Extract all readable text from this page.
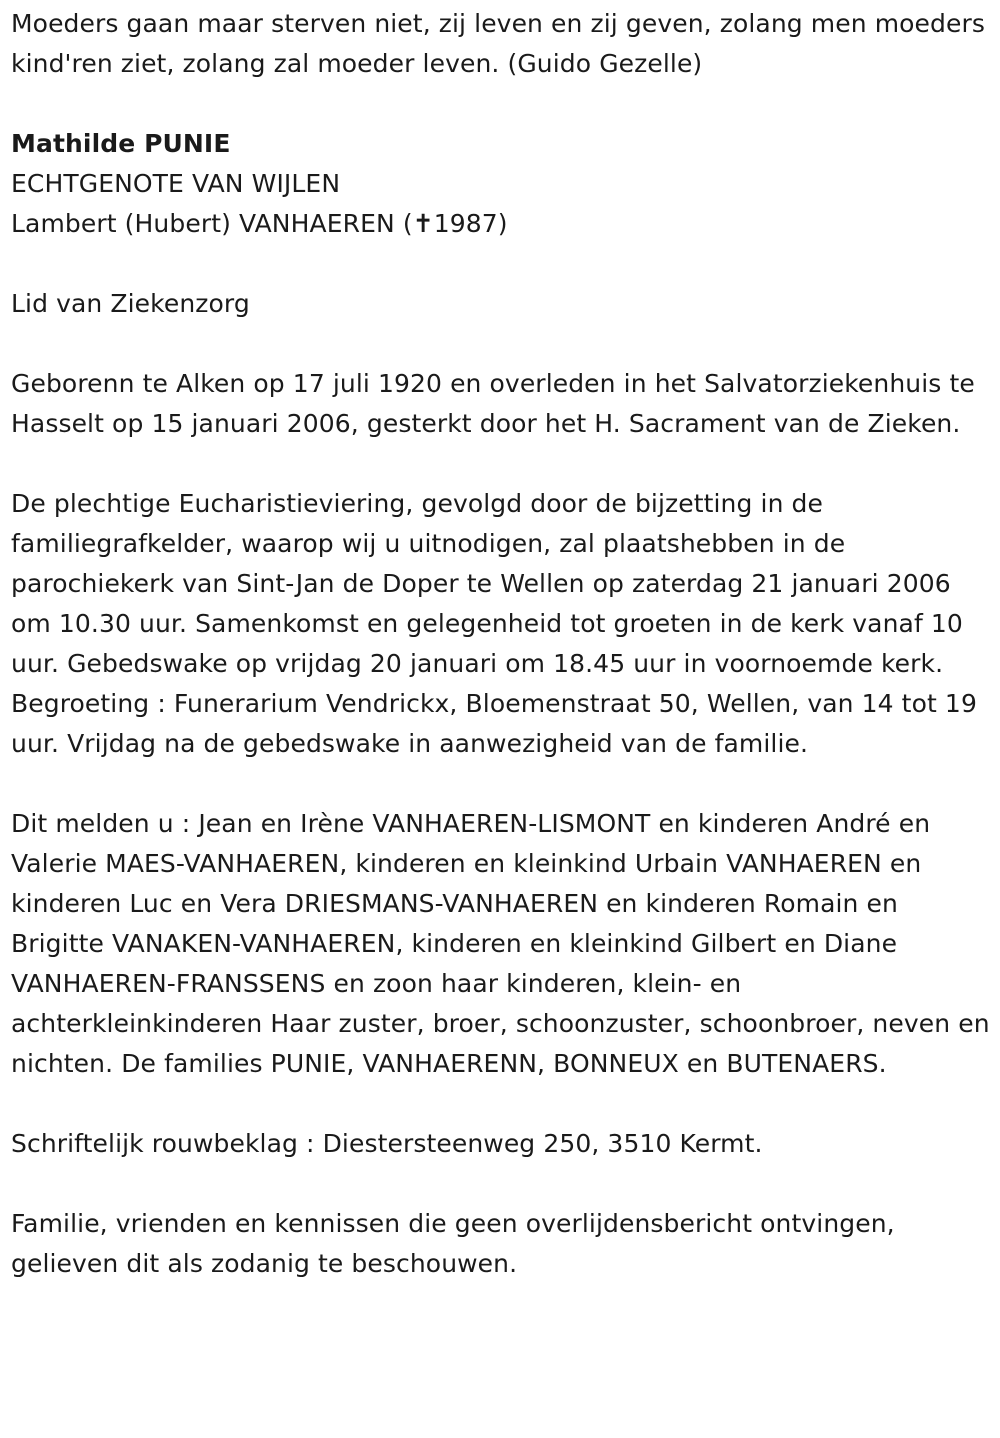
Moeders gaan maar sterven niet, zij leven en zij geven, zolang men moeders kind'ren ziet, zolang zal moeder leven. (Guido Gezelle)

Mathilde PUNIE

ECHTGENOTE VAN WIJLEN

Lambert (Hubert) VANHAEREN (✝1987)

Lid van Ziekenzorg

Geborenn te Alken op 17 juli 1920 en overleden in het Salvatorziekenhuis te Hasselt op 15 januari 2006, gesterkt door het H. Sacrament van de Zieken.

De plechtige Eucharistieviering, gevolgd door de bijzetting in de familiegrafkelder, waarop wij u uitnodigen, zal plaatshebben in de parochiekerk van Sint-Jan de Doper te Wellen op zaterdag 21 januari 2006 om 10.30 uur. Samenkomst en gelegenheid tot groeten in de kerk vanaf 10 uur. Gebedswake op vrijdag 20 januari om 18.45 uur in voornoemde kerk. Begroeting : Funerarium Vendrickx, Bloemenstraat 50, Wellen, van 14 tot 19 uur. Vrijdag na de gebedswake in aanwezigheid van de familie.

Dit melden u : Jean en Irène VANHAEREN-LISMONT en kinderen André en Valerie MAES-VANHAEREN, kinderen en kleinkind Urbain VANHAEREN en kinderen Luc en Vera DRIESMANS-VANHAEREN en kinderen Romain en Brigitte VANAKEN-VANHAEREN, kinderen en kleinkind Gilbert en Diane VANHAEREN-FRANSSENS en zoon haar kinderen, klein- en achterkleinkinderen Haar zuster, broer, schoonzuster, schoonbroer, neven en nichten. De families PUNIE, VANHAERENN, BONNEUX en BUTENAERS.

Schriftelijk rouwbeklag : Diestersteenweg 250, 3510 Kermt.

Familie, vrienden en kennissen die geen overlijdensbericht ontvingen, gelieven dit als zodanig te beschouwen.
